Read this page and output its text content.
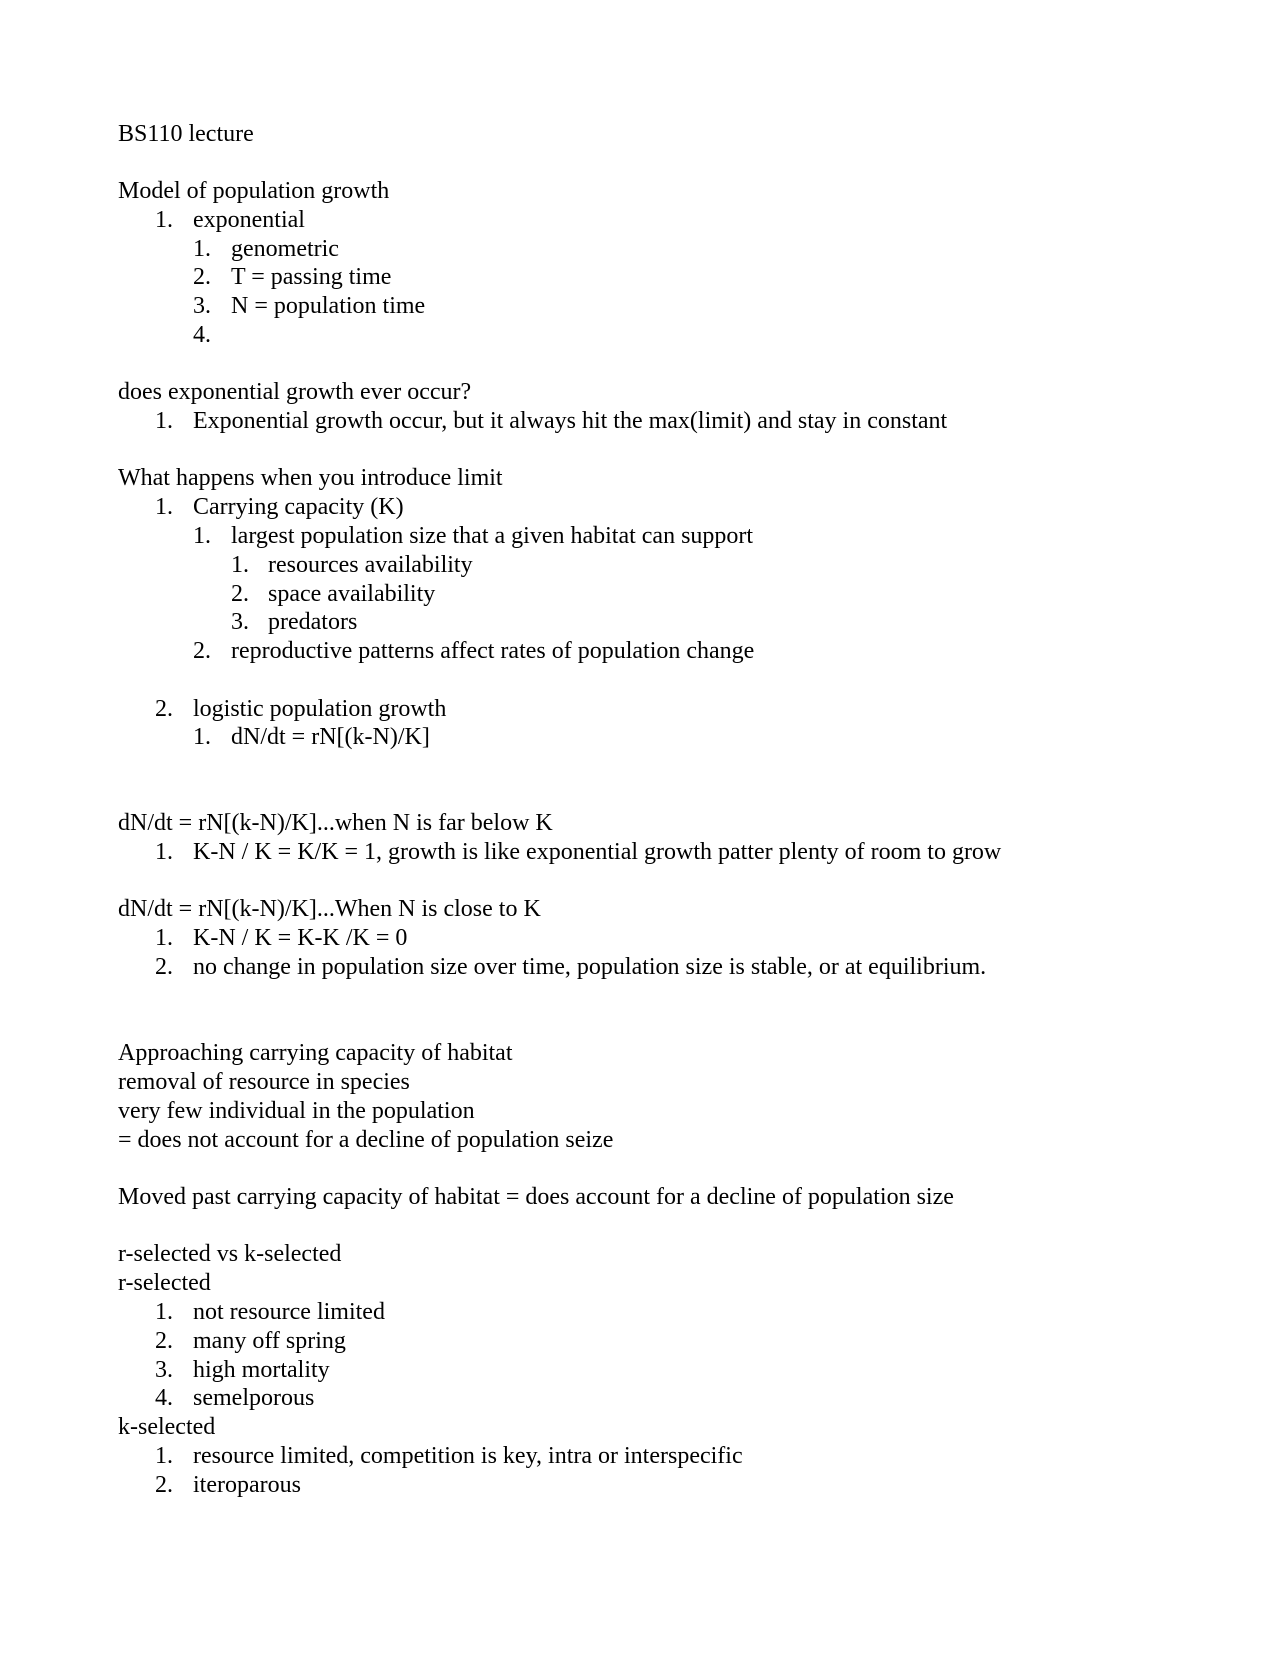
BS110 lecture
Model of population growth
1. exponential
1. genometric
2. T = passing time
3. N = population time
4.
does exponential growth ever occur?
1. Exponential growth occur, but it always hit the max(limit) and stay in constant
What happens when you introduce limit
1. Carrying capacity (K)
1. largest population size that a given habitat can support
1. resources availability
2. space availability
3. predators
2. reproductive patterns affect rates of population change
2. logistic population growth
1. dN/dt = rN[(k-N)/K]
dN/dt = rN[(k-N)/K]...when N is far below K
1. K-N / K = K/K = 1, growth is like exponential growth patter plenty of room to grow
dN/dt = rN[(k-N)/K]...When N is close to K
1. K-N / K = K-K /K = 0
2. no change in population size over time, population size is stable, or at equilibrium.
Approaching carrying capacity of habitat
removal of resource in species
very few individual in the population
= does not account for a decline of population seize
Moved past carrying capacity of habitat = does account for a decline of population size
r-selected vs k-selected
r-selected
1. not resource limited
2. many off spring
3. high mortality
4. semelporous
k-selected
1. resource limited, competition is key, intra or interspecific
2. iteroparous
